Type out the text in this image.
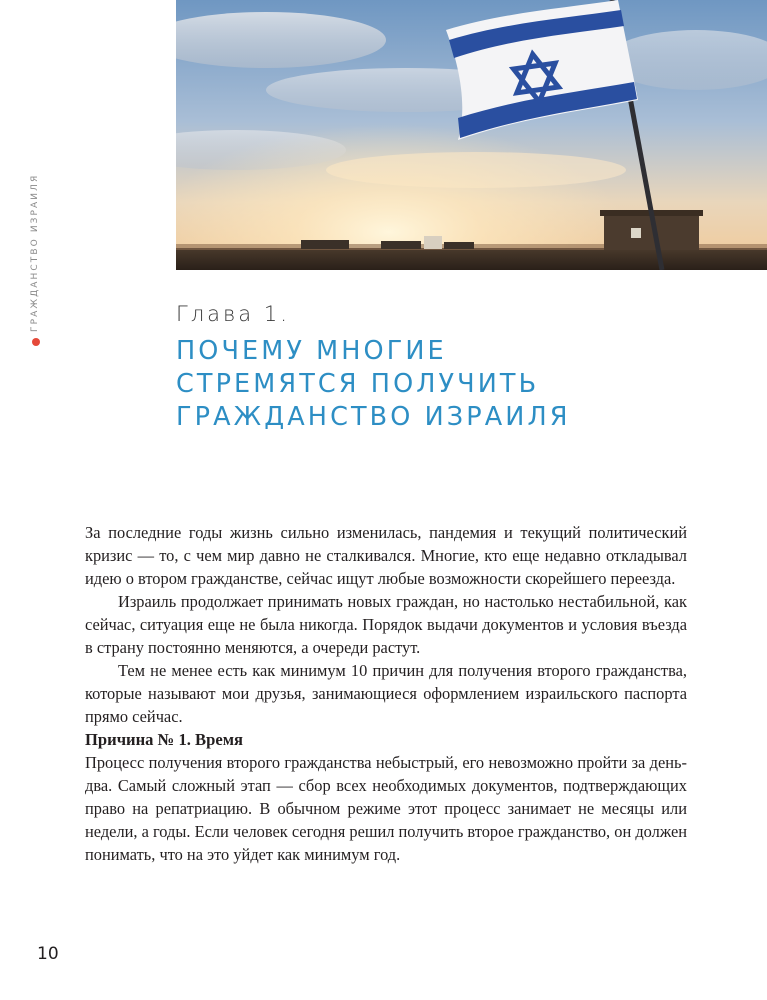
ГРАЖДАНСТВО ИЗРАИЛЯ	Глава 1.
ПОЧЕМУ МНОГИЕ
СТРЕМЯТСЯ ПОЛУЧИТЬ
ГРАЖДАНСТВО ИЗРАИЛЯ

За последние годы жизнь сильно изменилась, пандемия и текущий политический кризис — то, с чем мир давно не сталкивался. Многие, кто еще недавно откладывал идею о втором гражданстве, сейчас ищут любые возможности скорейшего переезда.

Израиль продолжает принимать новых граждан, но настолько нестабильной, как сейчас, ситуация еще не была никогда. Порядок выдачи документов и условия въезда в страну постоянно меняются, а очереди растут.

Тем не менее есть как минимум 10 причин для получения второго гражданства, которые называют мои друзья, занимающиеся оформлением израильского паспорта прямо сейчас.

Причина № 1. Время

Процесс получения второго гражданства небыстрый, его невозможно пройти за день-два. Самый сложный этап — сбор всех необходимых документов, подтверждающих право на репатриацию. В обычном режиме этот процесс занимает не месяцы или недели, а годы. Если человек сегодня решил получить второе гражданство, он должен понимать, что на это уйдет как минимум год.

10
